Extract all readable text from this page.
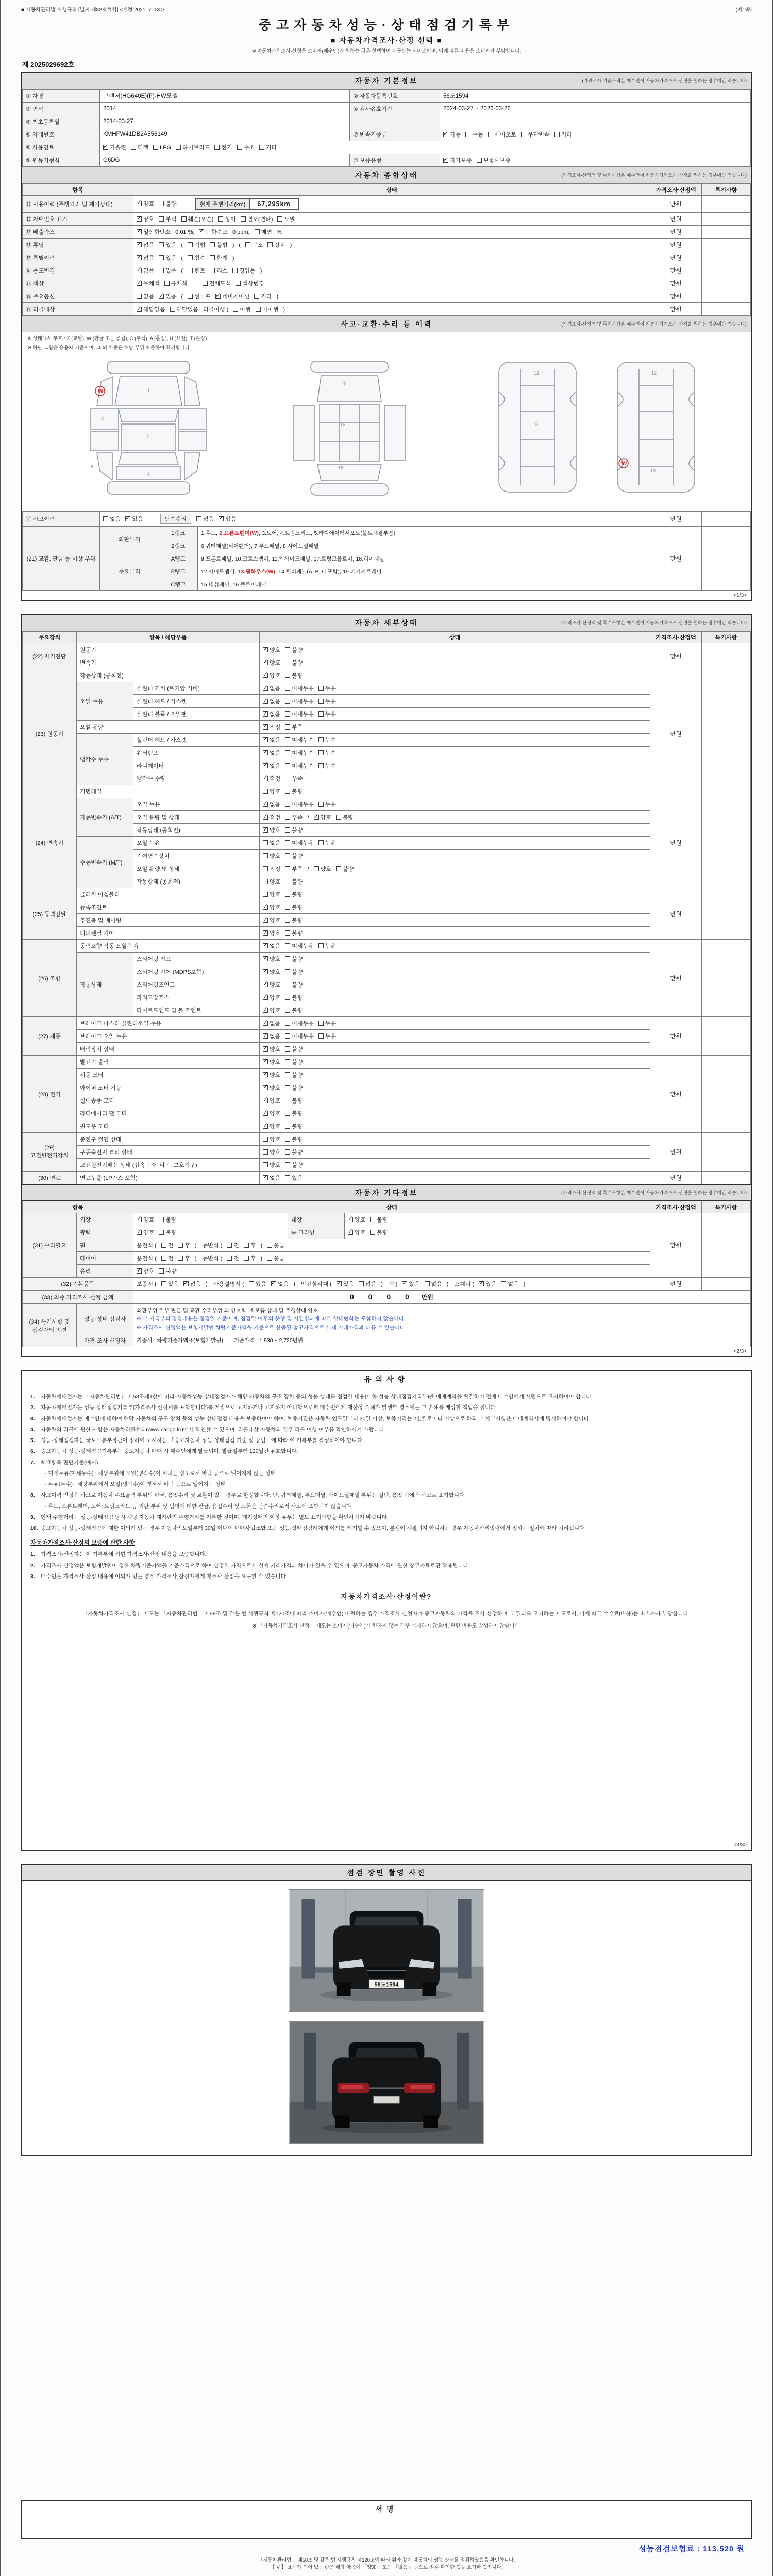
■ 자동차관리법 시행규칙 [별지 제82호서식] <개정 2021. 7. 13.>	(제1쪽)
중고자동차성능·상태점검기록부
■ 자동차가격조사·산정 선택 ■
※ 자동차가격조사·산정은 소비자(매수인)가 원하는 경우 선택하여 제공받는 서비스이며, 이에 따른 비용은 소비자가 부담합니다.
제 2025029692호
자동차 기본정보	(가격조사 기준가격은 매수인이 자동차가격조사·산정을 원하는 경우에만 적습니다)
① 차명	그랜저(HG640E)(F)-HW모델	② 자동차등록번호	56도1594
③ 연식	2014	④ 검사유효기간	2024-03-27 ~ 2026-03-26
⑤ 최초등록일	2014-03-27		
⑥ 차대번호	KMHFW41DB2A556149	⑦ 변속기종류	✓자동 수동 세미오토 무단변속 기타
⑧ 사용연료	✓가솔린 디젤 LPG 하이브리드 전기 수소 기타
⑨ 원동기형식	G6DG	⑩ 보증유형	✓자가보증 보험사보증
자동차 종합상태	(가격조사·산정액 및 특기사항은 매수인이 자동차가격조사·산정을 원하는 경우에만 적습니다)
항목	상태	가격조사·산정액	특기사항
⑪ 사용이력 (주행거리 및 계기상태)	✓양호 불량 현재 주행거리(km) 67,295km	만원	
⑫ 차대번호 표기	✓양호 부식 훼손(오손) 상이 변조(변타) 도말	만원	
⑬ 배출가스	✓일산화탄소 0.01 %, ✓ 탄화수소 0 ppm, 매연 %	만원	
⑭ 튜닝	✓없음 있음 ( 적법 불법 ) ( 구조 장치 )	만원	
⑮ 특별이력	✓없음 있음 ( 침수 화재 )	만원	
⑯ 용도변경	✓없음 있음 ( 렌트 리스 영업용 )	만원	
⑰ 색상	✓무채색 유채색　 전체도색 색상변경	만원	
⑱ 주요옵션	없음 ✓ 있음 ( 썬루프 ✓ 네비게이션 기타 )	만원	
⑲ 리콜대상	✓해당없음 해당있음 리콜이행 ( 이행 미이행 )	만원	
사고·교환·수리 등 이력	(가격조사·산정액 및 특기사항은 매수인이 자동차가격조사·산정을 원하는 경우에만 적습니다)
※ 상태표시 부호 : X (교환), W (판금 또는 용접), C (부식), A (흠집), U (요철), T (손상)
※ 하단 그림은 승용차 기준이며, 그 외 차종은 해당 부위에 준하여 표기합니다.
1
2
3
4
7
6
9
16
18
12
15
12
13
W
W
⑳ 사고이력	없음 ✓ 있음 단순수리 없음 ✓ 있음			만원	
(21) 교환, 판금 등 이상 부위	외판부위	1랭크	1.후드, 2.프론트휀더(W), 3.도어, 4.트렁크리드, 5.라디에이터서포트(볼트체결부품)	만원	
		2랭크	6.쿼터패널(리어휀더), 7.루프패널, 8.사이드실패널		
	주요골격	A랭크	9.프론트패널, 10.크로스멤버, 11.인사이드패널, 17.트렁크플로어, 18.리어패널		
		B랭크	12.사이드멤버, 13.휠하우스(W), 14.필러패널(A, B, C 포함), 19.패키지트레이		
		C랭크	15.대쉬패널, 16.플로어패널		
<1/3>
자동차 세부상태	(가격조사·산정액 및 특기사항은 매수인이 자동차가격조사·산정을 원하는 경우에만 적습니다)
주요장치	항목 / 해당부품		상태	가격조사·산정액	특기사항
(22) 자기진단	원동기	✓양호 불량	만원	
	변속기	✓양호 불량
(23) 원동기	작동상태 (공회전)	✓양호 불량	만원	
	오일 누유	실린더 커버 (로커암 커버)	✓없음 미세누유 누유
		실린더 헤드 / 가스켓	✓없음 미세누유 누유
		실린더 블록 / 오일팬	✓없음 미세누유 누유
	오일 유량	✓적정 부족
	냉각수 누수	실린더 헤드 / 가스켓	✓없음 미세누수 누수
		워터펌프	✓없음 미세누수 누수
		라디에이터	✓없음 미세누수 누수
		냉각수 수량	✓적정 부족
	커먼레일		양호 불량		
(24) 변속기	자동변속기 (A/T)	오일 누유	✓없음 미세누유 누유	만원	
		오일 유량 및 상태	✓적정 부족 / ✓ 양호 불량
		작동상태 (공회전)	✓양호 불량
	수동변속기 (M/T)	오일 누유	없음 미세누유 누유		
		기어변속장치	양호 불량		
		오일 유량 및 상태	적정 부족 / 양호 불량		
		작동상태 (공회전)	양호 불량		
(25) 동력전달	클러치 어셈블리		양호 불량	만원	
	등속조인트	✓양호 불량
	추진축 및 베어링	✓양호 불량
	디퍼렌셜 기어	✓양호 불량
(26) 조향	동력조향 작동 오일 누유	✓없음 미세누유 누유	만원	
	작동상태	스티어링 펌프	✓양호 불량
		스티어링 기어 (MDPS포함)	✓양호 불량
		스티어링조인트	✓양호 불량
		파워고압호스	✓양호 불량
		타이로드엔드 및 볼 조인트	✓양호 불량
(27) 제동	브레이크 마스터 실린더오일 누유	✓없음 미세누유 누유	만원	
	브레이크 오일 누유	✓없음 미세누유 누유
	배력장치 상태	✓양호 불량
(28) 전기	발전기 출력	✓양호 불량	만원	
	시동 모터	✓양호 불량
	와이퍼 모터 기능	✓양호 불량
	실내송풍 모터	✓양호 불량
	라디에이터 팬 모터	✓양호 불량
	윈도우 모터	✓양호 불량
(29) 고전원전기장치	충전구 절연 상태		양호 불량	만원	
	구동축전지 격리 상태		양호 불량		
	고전원전기배선 상태 (접속단자, 피복, 보호기구)		양호 불량		
(30) 연료	연료누출 (LP가스 포함)	✓없음 있음	만원	
자동차 기타정보	(가격조사·산정액 및 특기사항은 매수인이 자동차가격조사·산정을 원하는 경우에만 적습니다)
항목		상태			가격조사·산정액	특기사항
(31) 수리필요	외장	✓양호 불량	내장	✓양호 불량	만원	
	광택	✓양호 불량	룸 크리닝	✓양호 불량
	휠	운전석 ( 전 후 )　동반석 ( 전 후 ) 응급				
	타이어	운전석 ( 전 후 )　동반석 ( 전 후 ) 응급				
	유리	✓양호 불량
(32) 기본품목		보증서 ( 있음 ✓ 없음 )　사용설명서 ( 있음 ✓ 없음 )　안전삼각대 ( ✓ 있음 없음 )　잭 ( ✓ 있음 없음 )　스패너 ( ✓ 있음 없음 )			만원	
(33) 최종 가격조사·산정 금액		0 0 0 0　만원				
(34) 특기사항 및 점검자의 의견	성능·상태 점검자	외판부위 일부 판금 및 교환 수리부위 외 양호함. 소모품 상태 및 주행상태 양호.
※ 본 기록부의 점검내용은 점검일 기준이며, 점검일 이후의 운행 및 시간경과에 따른 상태변화는 포함하지 않습니다.
※ 가격조사·산정액은 보험개발원 차량기준가액을 기준으로 산출된 참고가격으로 실제 거래가격과 다를 수 있습니다.

	가격·조사 산정자	기준서 : 차량기준가액표(보험개발원)　　기준가격 : 1,930 ~ 2,720만원
<2/3>
유의사항
1.	자동차매매업자는 「자동차관리법」 제58조제1항에 따라 자동차성능·상태점검자가 해당 자동차의 구조·장치 등의 성능·상태를 점검한 내용(이하 성능·상태점검기록부)을 매매계약을 체결하기 전에 매수인에게 서면으로 고지하여야 합니다.
2.	자동차매매업자는 성능·상태점검기록부(가격조사·산정서를 포함합니다)를 거짓으로 고지하거나 고지하지 아니함으로써 매수인에게 재산상 손해가 발생한 경우에는 그 손해를 배상할 책임을 집니다.
3.	자동차매매업자는 매수인에 대하여 해당 자동차의 구조·장치 등의 성능·상태점검 내용을 보증하여야 하며, 보증기간은 자동차 인도일부터 30일 이상, 보증거리는 2천킬로미터 이상으로 하되 그 세부사항은 매매계약서에 명시하여야 합니다.
4.	자동차의 리콜에 관한 사항은 자동차리콜센터(www.car.go.kr)에서 확인할 수 있으며, 리콜대상 자동차의 경우 리콜 이행 여부를 확인하시기 바랍니다.
5.	성능·상태점검자는 국토교통부장관이 정하여 고시하는 「중고자동차 성능·상태점검 기준 및 방법」에 따라 이 기록부를 작성하여야 합니다.
6.	중고자동차 성능·상태점검기록부는 중고자동차 매매 시 매수인에게 발급되며, 발급일부터 120일간 유효합니다.
7.	체크항목 판단기준(예시)
- 미세누유(미세누수) : 해당부위에 오일(냉각수)이 비치는 정도로서 바닥 등으로 떨어지지 않는 상태
- 누유(누수) : 해당부위에서 오일(냉각수)이 맺혀서 바닥 등으로 떨어지는 상태
8.	사고이력 인정은 사고로 자동차 주요골격 부위의 판금, 용접수리 및 교환이 있는 경우로 한정합니다. 단, 쿼터패널, 루프패널, 사이드실패널 부위는 절단, 용접 시에만 사고로 표기합니다.
- 후드, 프론트휀더, 도어, 트렁크리드 등 외판 부위 및 범퍼에 대한 판금, 용접수리 및 교환은 단순수리로서 사고에 포함되지 않습니다.
9.	현재 주행거리는 성능·상태점검 당시 해당 자동차 계기판의 주행거리를 기록한 것이며, 계기상태의 이상 유무는 별도 표기사항을 확인하시기 바랍니다.
10. 중고자동차 성능·상태점검에 대한 이의가 있는 경우 자동차인도일부터 30일 이내에 매매사업조합 또는 성능·상태점검자에게 이의를 제기할 수 있으며, 분쟁이 해결되지 아니하는 경우 자동차관리법령에서 정하는 절차에 따라 처리됩니다.
자동차가격조사·산정의 보증에 관한 사항
1.	가격조사·산정자는 이 기록부에 적힌 가격조사·산정 내용을 보증합니다.
2.	가격조사·산정액은 보험개발원이 정한 차량기준가액을 기준가격으로 하여 산정한 가격으로서 실제 거래가격과 차이가 있을 수 있으며, 중고자동차 가격에 관한 참고자료로만 활용됩니다.
3.	매수인은 가격조사·산정 내용에 이의가 있는 경우 가격조사·산정자에게 재조사·산정을 요구할 수 있습니다.
자동차가격조사·산정이란?
「자동차가격조사·산정」 제도는 「자동차관리법」 제58조 및 같은 법 시행규칙 제120조에 따라 소비자(매수인)가 원하는 경우 가격조사·산정자가 중고자동차의 가격을 조사·산정하여 그 결과를 고지하는 제도로서, 이에 따른 수수료(비용)는 소비자가 부담합니다.
※ 「자동차가격조사·산정」 제도는 소비자(매수인)가 원하지 않는 경우 기재하지 않으며, 관련 비용도 발생하지 않습니다.
<3/3>
점검 장면 촬영 사진
56도1594
서명
성능점검보험료 : 113,520 원
「자동차관리법」 제58조 및 같은 법 시행규칙 제120조에 따라 위와 같이 자동차의 성능·상태를 점검하였음을 확인합니다.
【 V 】 표시가 되어 있는 란은 해당 항목에 「양호」 또는 「없음」 등으로 점검·확인한 것을 표기한 것입니다.
